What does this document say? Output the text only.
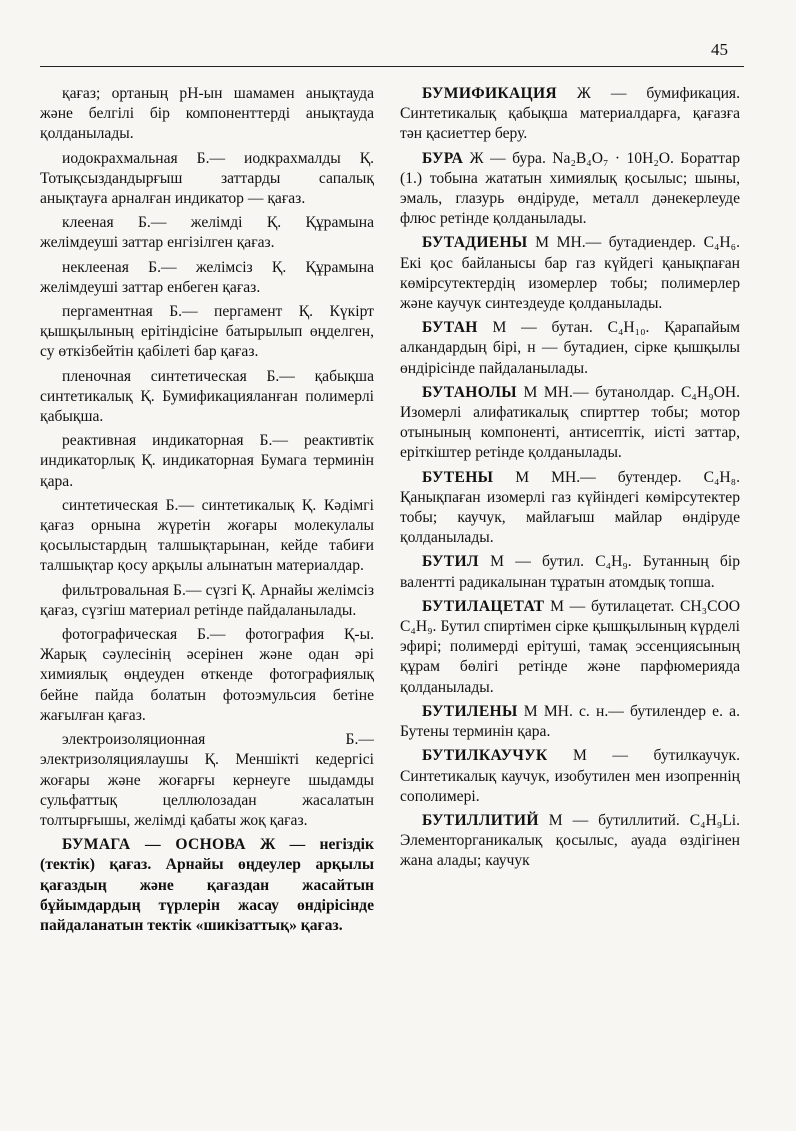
45

қағаз; ортаның pH-ын шамамен анықтауда және белгілі бір компоненттерді анықтауда қолданылады.

иодокрахмальная Б.— иодкрахмалды Қ. Тотықсыздандырғыш заттарды сапалық анықтауға арналған индикатор — қағаз.

клееная Б.— желімді Қ. Құрамына желімдеуші заттар енгізілген қағаз.

неклееная Б.— желімсіз Қ. Құрамына желімдеуші заттар енбеген қағаз.

пергаментная Б.— пергамент Қ. Күкірт қышқылының ерітіндісіне батырылып өңделген, су өткізбейтін қабілеті бар қағаз.

пленочная синтетическая Б.— қабықша синтетикалық Қ. Бумификацияланған полимерлі қабықша.

реактивная индикаторная Б.— реактивтік индикаторлық Қ. индикаторная Бумага терминін қара.

синтетическая Б.— синтетикалық Қ. Кәдімгі қағаз орнына жүретін жоғары молекулалы қосылыстардың талшықтарынан, кейде табиғи талшықтар қосу арқылы алынатын материалдар.

фильтровальная Б.— сүзгі Қ. Арнайы желімсіз қағаз, сүзгіш материал ретінде пайдаланылады.

фотографическая Б.— фотография Қ-ы. Жарық сәулесінің әсерінен және одан әрі химиялық өңдеуден өткенде фотографиялық бейне пайда болатын фотоэмульсия бетіне жағылған қағаз.

электроизоляционная Б.— электризоляциялаушы Қ. Меншікті кедергісі жоғары және жоғарғы кернеуге шыдамды сульфаттық целлюлозадан жасалатын толтырғышы, желімді қабаты жоқ қағаз.

БУМАГА — ОСНОВА Ж — негіздік (тектік) қағаз. Арнайы өңдеулер арқылы қағаздың және қағаздан жасайтын бұйымдардың түрлерін жасау өндірісінде пайдаланатын тектік «шикізаттық» қағаз.

БУМИФИКАЦИЯ Ж — бумификация. Синтетикалық қабықша материалдарға, қағазға тән қасиеттер беру.

БУРА Ж — бура. Na₂B₄O₇ · 10H₂O. Бораттар (1.) тобына жататын химиялық қосылыс; шыны, эмаль, глазурь өндіруде, металл дәнекерлеуде флюс ретінде қолданылады.

БУТАДИЕНЫ М МН.— бутадиендер. C₄H₆. Екі қос байланысы бар газ күйдегі қанықпаған көмірсутектердің изомерлер тобы; полимерлер және каучук синтездеуде қолданылады.

БУТАН М — бутан. C₄H₁₀. Қарапайым алкандардың бірі, н — бутадиен, сірке қышқылы өндірісінде пайдаланылады.

БУТАНОЛЫ М МН.— бутанолдар. C₄H₉OH. Изомерлі алифатикалық спирттер тобы; мотор отынының компоненті, антисептік, иісті заттар, еріткіштер ретінде қолданылады.

БУТЕНЫ М МН.— бутендер. C₄H₈. Қанықпаған изомерлі газ күйіндегі көмірсутектер тобы; каучук, майлағыш майлар өндіруде қолданылады.

БУТИЛ М — бутил. C₄H₉. Бутанның бір валентті радикалынан тұратын атомдық топша.

БУТИЛАЦЕТАТ М — бутилацетат. CH₃COO C₄H₉. Бутил спиртімен сірке қышқылының күрделі эфирі; полимерді ерітуші, тамақ эссенциясының құрам бөлігі ретінде және парфюмерияда қолданылады.

БУТИЛЕНЫ М МН. с. н.— бутилендер е. а. Бутены терминін қара.

БУТИЛКАУЧУК М — бутилкаучук. Синтетикалық каучук, изобутилен мен изопреннің сополимері.

БУТИЛЛИТИЙ М — бутиллитий. C₄H₉Li. Элементорганикалық қосылыс, ауада өздігінен жана алады; каучук
